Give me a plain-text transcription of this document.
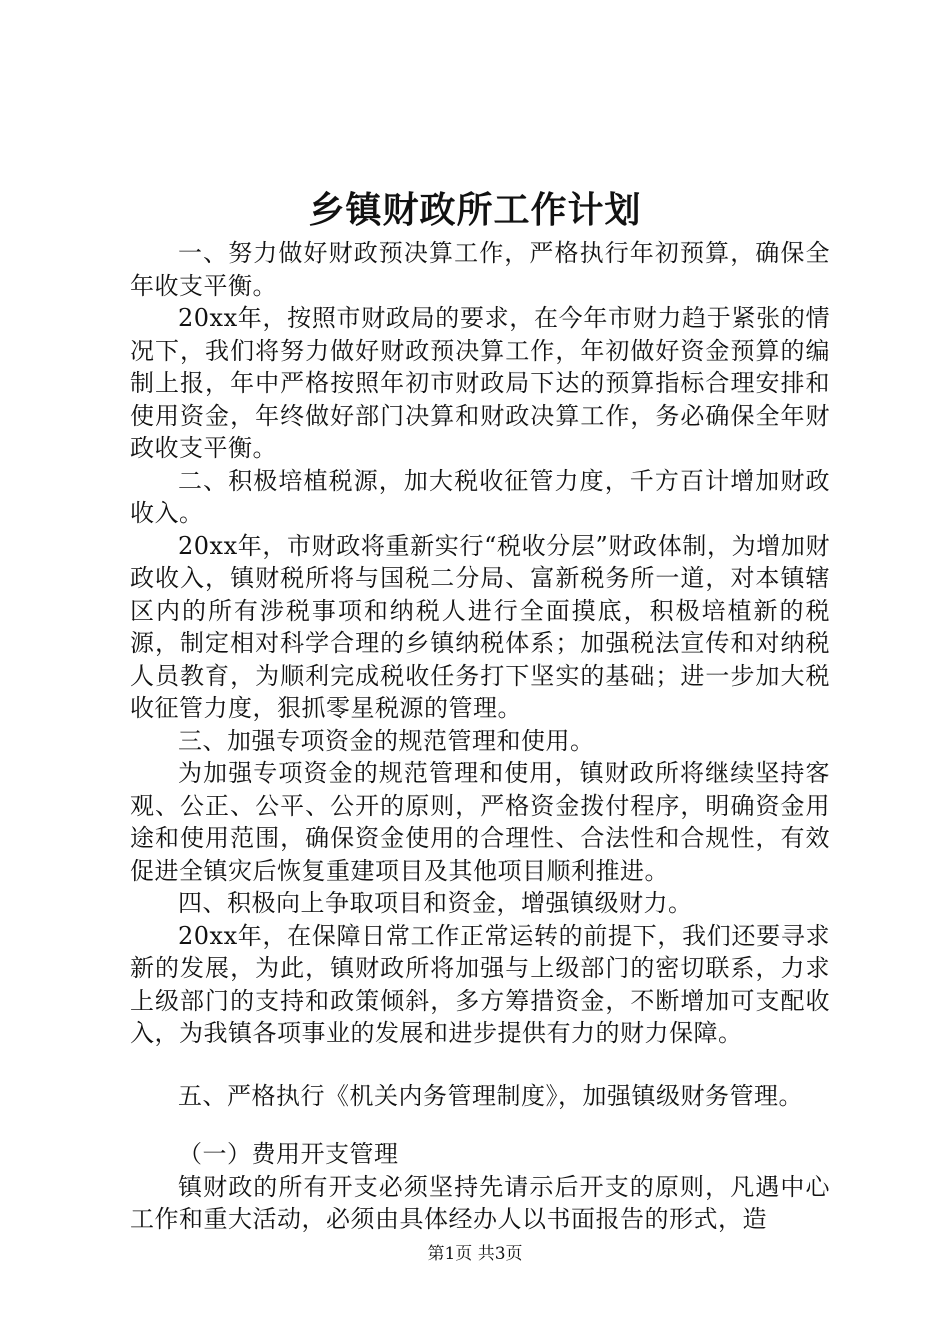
乡镇财政所工作计划

一、努力做好财政预决算工作，严格执行年初预算，确保全年收支平衡。

20xx年，按照市财政局的要求，在今年市财力趋于紧张的情况下，我们将努力做好财政预决算工作，年初做好资金预算的编制上报，年中严格按照年初市财政局下达的预算指标合理安排和使用资金，年终做好部门决算和财政决算工作，务必确保全年财政收支平衡。

二、积极培植税源，加大税收征管力度，千方百计增加财政收入。

20xx年，市财政将重新实行“税收分层”财政体制，为增加财政收入，镇财税所将与国税二分局、富新税务所一道，对本镇辖区内的所有涉税事项和纳税人进行全面摸底，积极培植新的税源，制定相对科学合理的乡镇纳税体系；加强税法宣传和对纳税人员教育，为顺利完成税收任务打下坚实的基础；进一步加大税收征管力度，狠抓零星税源的管理。

三、加强专项资金的规范管理和使用。

为加强专项资金的规范管理和使用，镇财政所将继续坚持客观、公正、公平、公开的原则，严格资金拨付程序，明确资金用途和使用范围，确保资金使用的合理性、合法性和合规性，有效促进全镇灾后恢复重建项目及其他项目顺利推进。

四、积极向上争取项目和资金，增强镇级财力。

20xx年，在保障日常工作正常运转的前提下，我们还要寻求新的发展，为此，镇财政所将加强与上级部门的密切联系，力求上级部门的支持和政策倾斜，多方筹措资金，不断增加可支配收入，为我镇各项事业的发展和进步提供有力的财力保障。

五、严格执行《机关内务管理制度》，加强镇级财务管理。

（一）费用开支管理

镇财政的所有开支必须坚持先请示后开支的原则，凡遇中心工作和重大活动，必须由具体经办人以书面报告的形式，造

第1页 共3页
